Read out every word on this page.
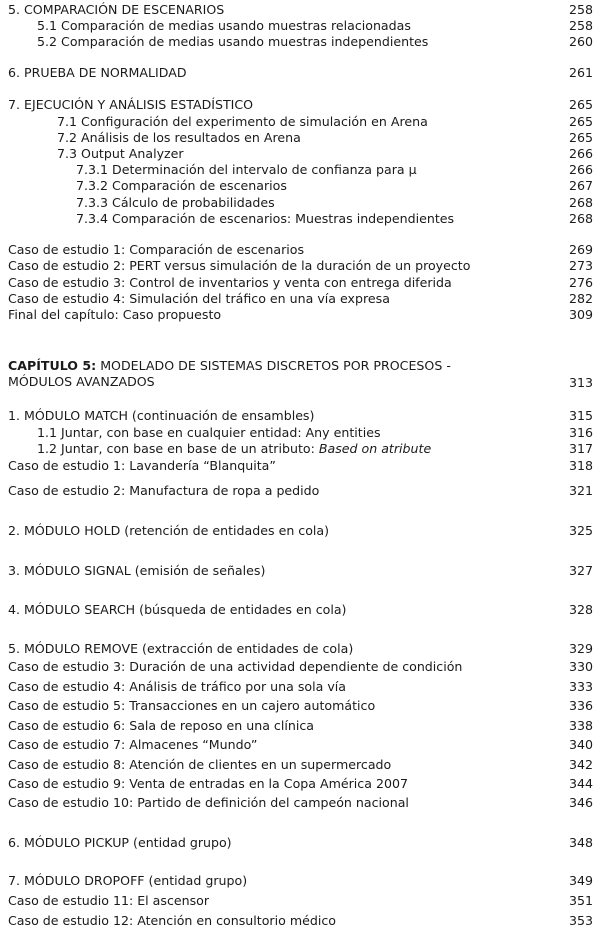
5. COMPARACIÓN DE ESCENARIOS	258
5.1 Comparación de medias usando muestras relacionadas	258
5.2 Comparación de medias usando muestras independientes	260
6. PRUEBA DE NORMALIDAD	261
7. EJECUCIÓN Y ANÁLISIS ESTADÍSTICO	265
7.1 Configuración del experimento de simulación en Arena	265
7.2 Análisis de los resultados en Arena	265
7.3 Output Analyzer	266
7.3.1 Determinación del intervalo de confianza para μ	266
7.3.2 Comparación de escenarios	267
7.3.3 Cálculo de probabilidades	268
7.3.4 Comparación de escenarios: Muestras independientes	268
Caso de estudio 1: Comparación de escenarios	269
Caso de estudio 2: PERT versus simulación de la duración de un proyecto	273
Caso de estudio 3: Control de inventarios y venta con entrega diferida	276
Caso de estudio 4: Simulación del tráfico en una vía expresa	282
Final del capítulo: Caso propuesto	309
CAPÍTULO 5: MODELADO DE SISTEMAS DISCRETOS POR PROCESOS - MÓDULOS AVANZADOS	313
1. MÓDULO MATCH (continuación de ensambles)	315
1.1 Juntar, con base en cualquier entidad: Any entities	316
1.2 Juntar, con base en base de un atributo: Based on atribute	317
Caso de estudio 1: Lavandería “Blanquita”	318
Caso de estudio 2: Manufactura de ropa a pedido	321
2. MÓDULO HOLD (retención de entidades en cola)	325
3. MÓDULO SIGNAL (emisión de señales)	327
4. MÓDULO SEARCH (búsqueda de entidades en cola)	328
5. MÓDULO REMOVE (extracción de entidades de cola)	329
Caso de estudio 3: Duración de una actividad dependiente de condición	330
Caso de estudio 4: Análisis de tráfico por una sola vía	333
Caso de estudio 5: Transacciones en un cajero automático	336
Caso de estudio 6: Sala de reposo en una clínica	338
Caso de estudio 7: Almacenes “Mundo”	340
Caso de estudio 8: Atención de clientes en un supermercado	342
Caso de estudio 9: Venta de entradas en la Copa América 2007	344
Caso de estudio 10: Partido de definición del campeón nacional	346
6. MÓDULO PICKUP (entidad grupo)	348
7. MÓDULO DROPOFF (entidad grupo)	349
Caso de estudio 11: El ascensor	351
Caso de estudio 12: Atención en consultorio médico	353
